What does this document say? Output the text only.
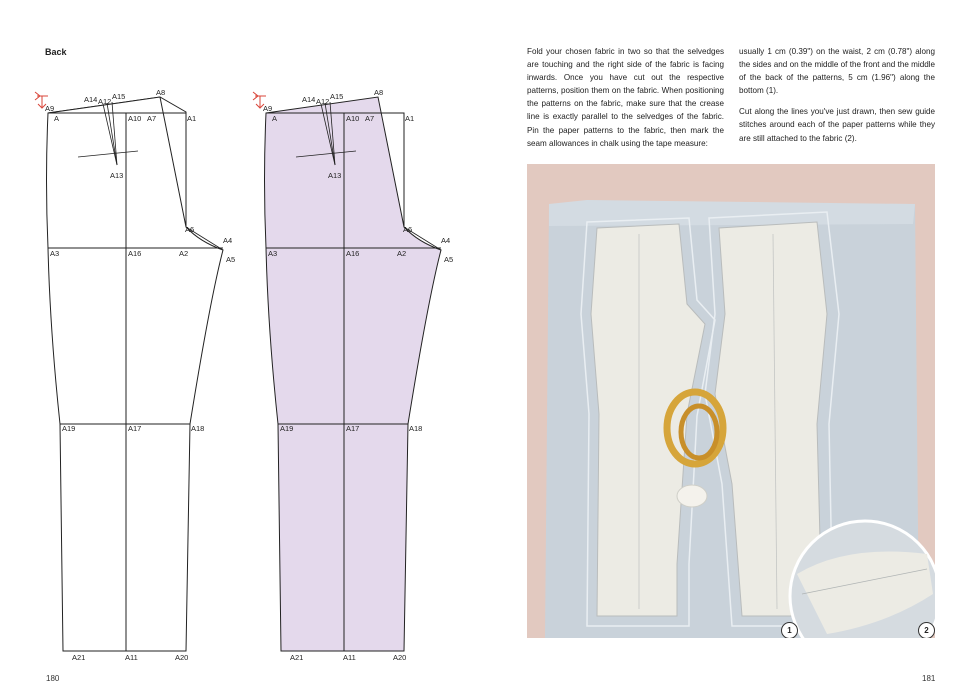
Back
A9
A
A14 A12
A15	A8
A10 A7	A1
A13
A6
A4
A3	A16	A2
A5
A19	A17	A18
A21	A11	A20
A9
A
A14 A12
A15	A8
A10 A7	A1
A13
A6
A4
A3	A16	A2
A5
A19	A17	A18
A21	A11	A20
180	181

Fold your chosen fabric in two so that the selvedges are touching and the right side of the fabric is facing inwards. Once you have cut out the respective patterns, position them on the fabric. When positioning the patterns on the fabric, make sure that the crease line is exactly parallel to the selvedges of the fabric. Pin the paper patterns to the fabric, then mark the seam allowances in chalk using the tape measure:

usually 1 cm (0.39") on the waist, 2 cm (0.78") along the sides and on the middle of the front and the middle of the back of the patterns, 5 cm (1.96") along the bottom (1).

Cut along the lines you've just drawn, then sew guide stitches around each of the paper patterns while they are still attached to the fabric (2).

1	2
